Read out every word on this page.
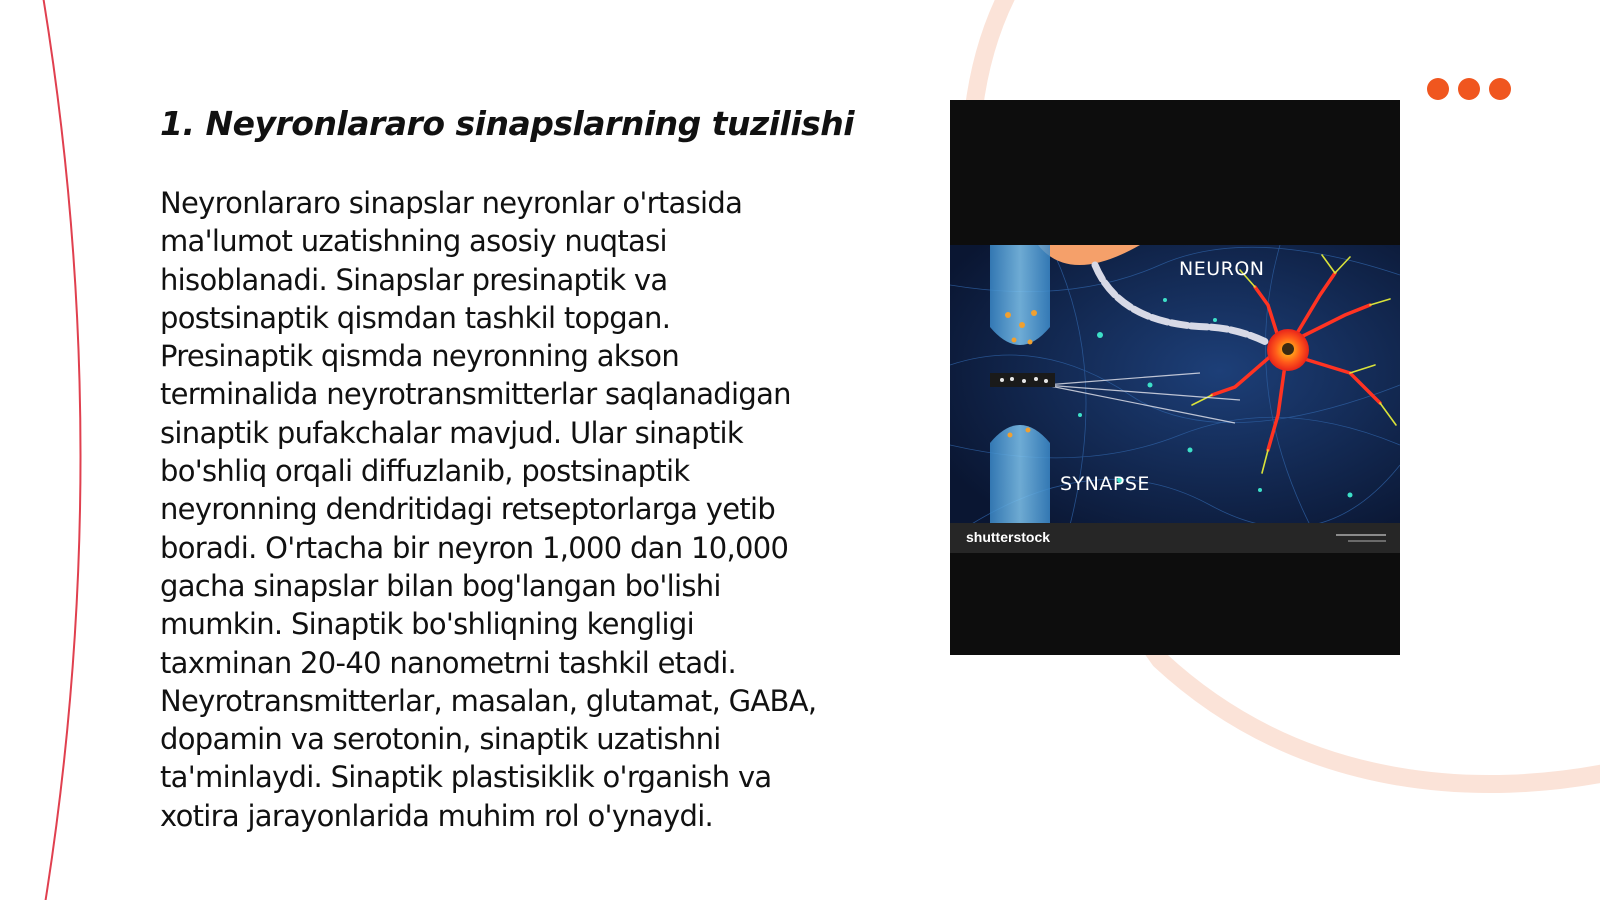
1. Neyronlararo sinapslarning tuzilishi

Neyronlararo sinapslar neyronlar o'rtasida ma'lumot uzatishning asosiy nuqtasi hisoblanadi. Sinapslar presinaptik va postsinaptik qismdan tashkil topgan. Presinaptik qismda neyronning akson terminalida neyrotransmitterlar saqlanadigan sinaptik pufakchalar mavjud. Ular sinaptik bo'shliq orqali diffuzlanib, postsinaptik neyronning dendritidagi retseptorlarga yetib boradi. O'rtacha bir neyron 1,000 dan 10,000 gacha sinapslar bilan bog'langan bo'lishi mumkin. Sinaptik bo'shliqning kengligi taxminan 20-40 nanometrni tashkil etadi. Neyrotransmitterlar, masalan, glutamat, GABA, dopamin va serotonin, sinaptik uzatishni ta'minlaydi. Sinaptik plastisiklik o'rganish va xotira jarayonlarida muhim rol o'ynaydi.

NEURON
SYNAPSE
shutterstock
